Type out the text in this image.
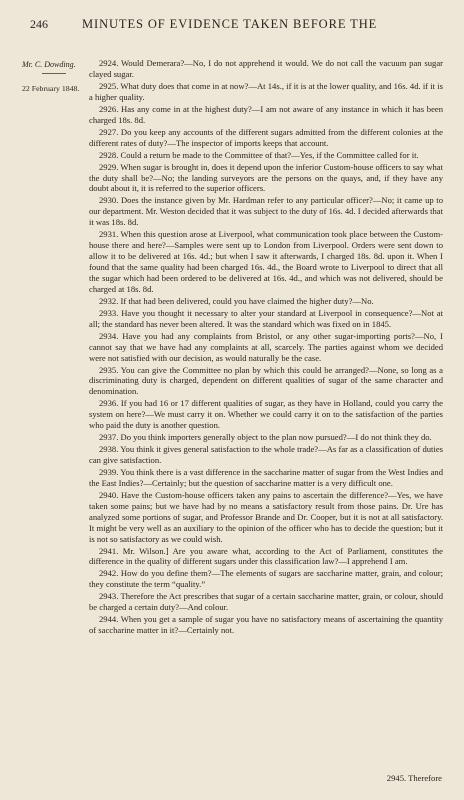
246	MINUTES OF EVIDENCE TAKEN BEFORE THE
Mr. C. Dowding.
22 February 1848.

2924. Would Demerara?—No, I do not apprehend it would. We do not call the vacuum pan sugar clayed sugar.

2925. What duty does that come in at now?—At 14s., if it is at the lower quality, and 16s. 4d. if it is a higher quality.

2926. Has any come in at the highest duty?—I am not aware of any instance in which it has been charged 18s. 8d.

2927. Do you keep any accounts of the different sugars admitted from the different colonies at the different rates of duty?—The inspector of imports keeps that account.

2928. Could a return be made to the Committee of that?—Yes, if the Committee called for it.

2929. When sugar is brought in, does it depend upon the inferior Custom-house officers to say what the duty shall be?—No; the landing surveyors are the persons on the quays, and, if they have any doubt about it, it is referred to the superior officers.

2930. Does the instance given by Mr. Hardman refer to any particular officer?—No; it came up to our department. Mr. Weston decided that it was subject to the duty of 16s. 4d. I decided afterwards that it was 18s. 8d.

2931. When this question arose at Liverpool, what communication took place between the Custom-house there and here?—Samples were sent up to London from Liverpool. Orders were sent down to allow it to be delivered at 16s. 4d.; but when I saw it afterwards, I charged 18s. 8d. upon it. When I found that the same quality had been charged 16s. 4d., the Board wrote to Liverpool to direct that all the sugar which had been ordered to be delivered at 16s. 4d., and which was not delivered, should be charged at 18s. 8d.

2932. If that had been delivered, could you have claimed the higher duty?—No.

2933. Have you thought it necessary to alter your standard at Liverpool in consequence?—Not at all; the standard has never been altered. It was the standard which was fixed on in 1845.

2934. Have you had any complaints from Bristol, or any other sugar-importing ports?—No, I cannot say that we have had any complaints at all, scarcely. The parties against whom we decided were not satisfied with our decision, as would naturally be the case.

2935. You can give the Committee no plan by which this could be arranged?—None, so long as a discriminating duty is charged, dependent on different qualities of sugar of the same character and denomination.

2936. If you had 16 or 17 different qualities of sugar, as they have in Holland, could you carry the system on here?—We must carry it on. Whether we could carry it on to the satisfaction of the parties who paid the duty is another question.

2937. Do you think importers generally object to the plan now pursued?—I do not think they do.

2938. You think it gives general satisfaction to the whole trade?—As far as a classification of duties can give satisfaction.

2939. You think there is a vast difference in the saccharine matter of sugar from the West Indies and the East Indies?—Certainly; but the question of saccharine matter is a very difficult one.

2940. Have the Custom-house officers taken any pains to ascertain the difference?—Yes, we have taken some pains; but we have had by no means a satisfactory result from those pains. Dr. Ure has analyzed some portions of sugar, and Professor Brande and Dr. Cooper, but it is not at all satisfactory. It might be very well as an auxiliary to the opinion of the officer who has to decide the question; but it is not so satisfactory as we could wish.

2941. Mr. Wilson.] Are you aware what, according to the Act of Parliament, constitutes the difference in the quality of different sugars under this classification law?—I apprehend I am.

2942. How do you define them?—The elements of sugars are saccharine matter, grain, and colour; they constitute the term “quality.”

2943. Therefore the Act prescribes that sugar of a certain saccharine matter, grain, or colour, should be charged a certain duty?—And colour.

2944. When you get a sample of sugar you have no satisfactory means of ascertaining the quantity of saccharine matter in it?—Certainly not.

2945. Therefore
